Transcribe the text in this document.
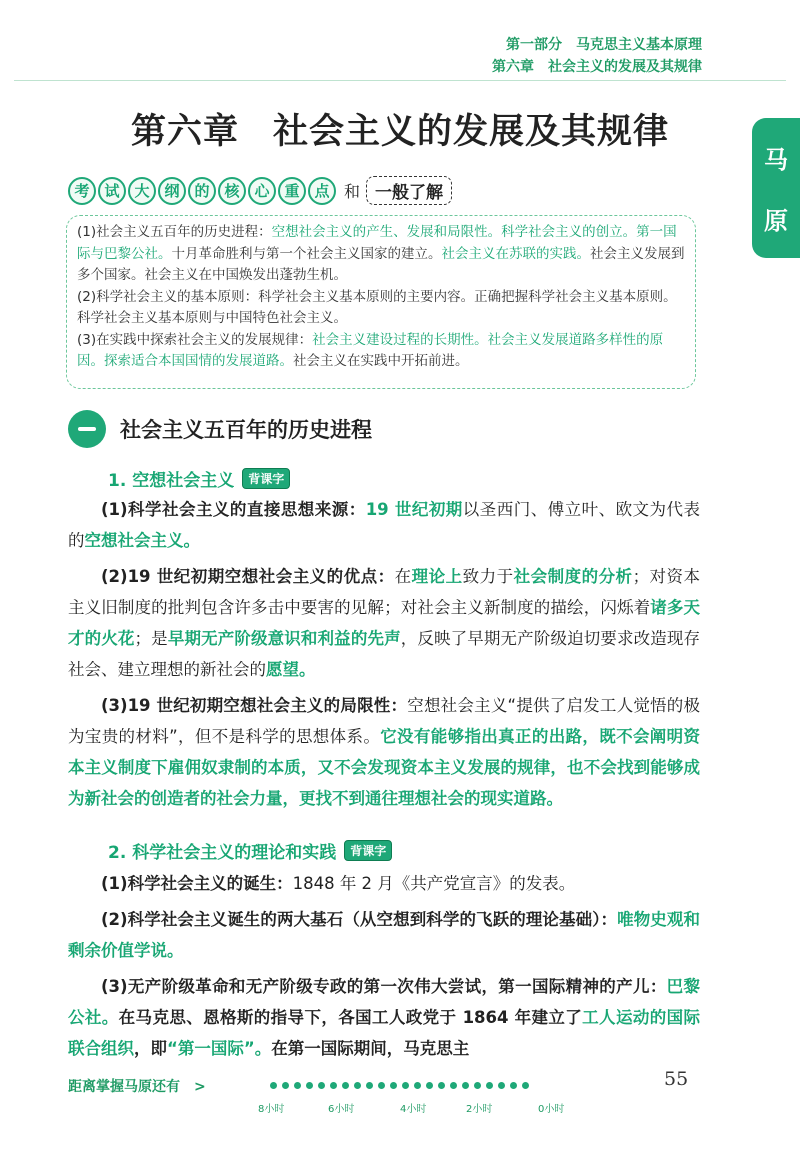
第一部分　马克思主义基本原理
第六章　社会主义的发展及其规律
马
原
第六章 社会主义的发展及其规律
考 试 大 纲 的 核 心 重 点 和 一般了解

(1)社会主义五百年的历史进程：空想社会主义的产生、发展和局限性。科学社会主义的创立。第一国际与巴黎公社。十月革命胜利与第一个社会主义国家的建立。社会主义在苏联的实践。社会主义发展到多个国家。社会主义在中国焕发出蓬勃生机。

(2)科学社会主义的基本原则：科学社会主义基本原则的主要内容。正确把握科学社会主义基本原则。科学社会主义基本原则与中国特色社会主义。

(3)在实践中探索社会主义的发展规律：社会主义建设过程的长期性。社会主义发展道路多样性的原因。探索适合本国国情的发展道路。社会主义在实践中开拓前进。

社会主义五百年的历史进程
1. 空想社会主义	背课字

(1)科学社会主义的直接思想来源：19 世纪初期以圣西门、傅立叶、欧文为代表的空想社会主义。

(2)19 世纪初期空想社会主义的优点：在理论上致力于社会制度的分析；对资本主义旧制度的批判包含许多击中要害的见解；对社会主义新制度的描绘，闪烁着诸多天才的火花；是早期无产阶级意识和利益的先声，反映了早期无产阶级迫切要求改造现存社会、建立理想的新社会的愿望。

(3)19 世纪初期空想社会主义的局限性：空想社会主义“提供了启发工人觉悟的极为宝贵的材料”，但不是科学的思想体系。它没有能够指出真正的出路，既不会阐明资本主义制度下雇佣奴隶制的本质，又不会发现资本主义发展的规律，也不会找到能够成为新社会的创造者的社会力量，更找不到通往理想社会的现实道路。

2. 科学社会主义的理论和实践	背课字

(1)科学社会主义的诞生：1848 年 2 月《共产党宣言》的发表。

(2)科学社会主义诞生的两大基石（从空想到科学的飞跃的理论基础）：唯物史观和剩余价值学说。

(3)无产阶级革命和无产阶级专政的第一次伟大尝试，第一国际精神的产儿：巴黎公社。在马克思、恩格斯的指导下，各国工人政党于 1864 年建立了工人运动的国际联合组织，即“第一国际”。在第一国际期间，马克思主

距离掌握马原还有　>
8小时	6小时	4小时	2小时	0小时
55
